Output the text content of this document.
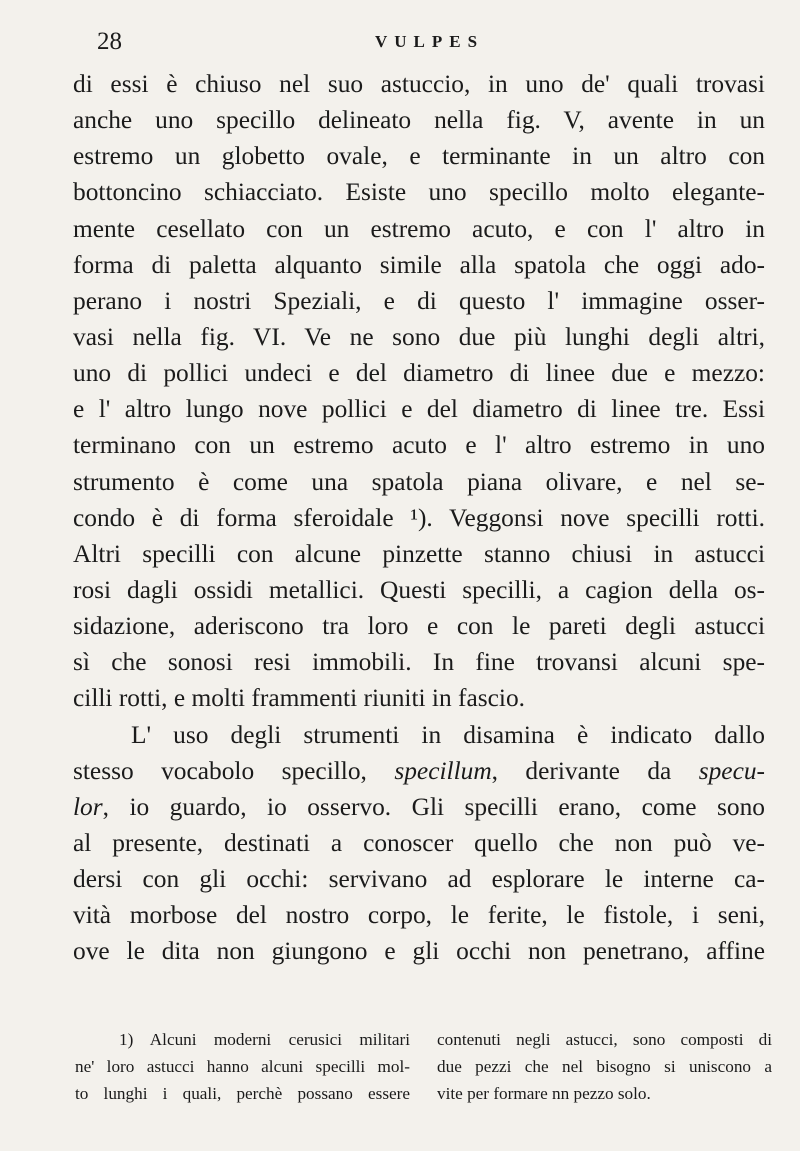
28	VULPES
di essi è chiuso nel suo astuccio, in uno de' quali trovasi
anche uno specillo delineato nella fig. V, avente in un
estremo un globetto ovale, e terminante in un altro con
bottoncino schiacciato. Esiste uno specillo molto elegante-
mente cesellato con un estremo acuto, e con l' altro in
forma di paletta alquanto simile alla spatola che oggi ado-
perano i nostri Speziali, e di questo l' immagine osser-
vasi nella fig. VI. Ve ne sono due più lunghi degli altri,
uno di pollici undeci e del diametro di linee due e mezzo:
e l' altro lungo nove pollici e del diametro di linee tre. Essi
terminano con un estremo acuto e l' altro estremo in uno
strumento è come una spatola piana olivare, e nel se-
condo è di forma sferoidale ¹). Veggonsi nove specilli rotti.
Altri specilli con alcune pinzette stanno chiusi in astucci
rosi dagli ossidi metallici. Questi specilli, a cagion della os-
sidazione, aderiscono tra loro e con le pareti degli astucci
sì che sonosi resi immobili. In fine trovansi alcuni spe-
cilli rotti, e molti frammenti riuniti in fascio.
L' uso degli strumenti in disamina è indicato dallo
stesso vocabolo specillo, specillum, derivante da specu-
lor, io guardo, io osservo. Gli specilli erano, come sono
al presente, destinati a conoscer quello che non può ve-
dersi con gli occhi: servivano ad esplorare le interne ca-
vità morbose del nostro corpo, le ferite, le fistole, i seni,
ove le dita non giungono e gli occhi non penetrano, affine
1) Alcuni moderni cerusici militari
ne' loro astucci hanno alcuni specilli mol-
to lunghi i quali, perchè possano essere
contenuti negli astucci, sono composti di
due pezzi che nel bisogno si uniscono a
vite per formare nn pezzo solo.
